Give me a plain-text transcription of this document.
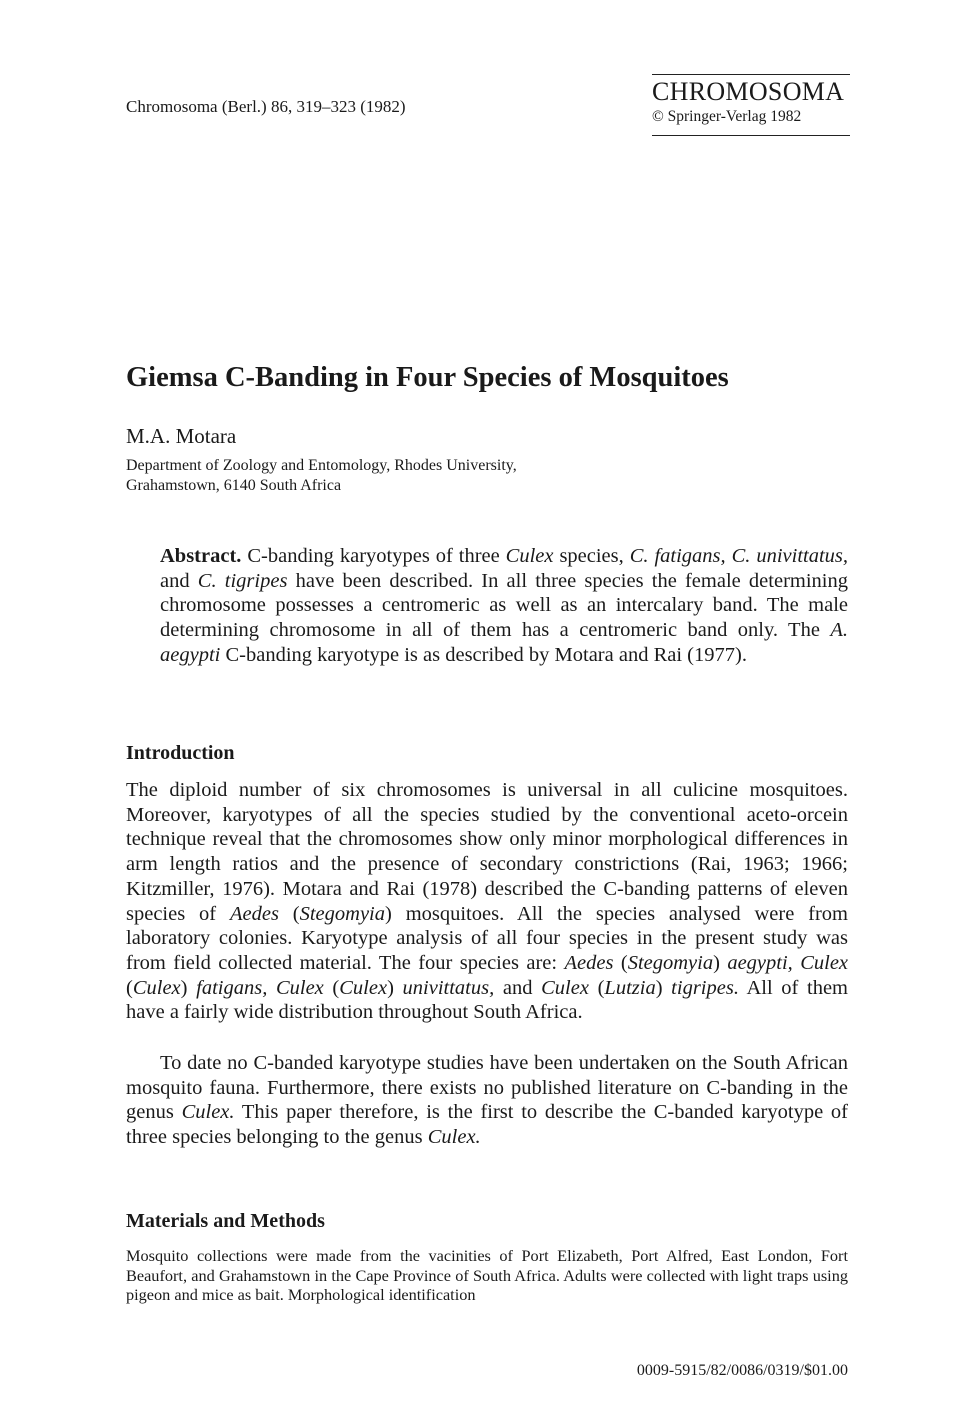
Chromosoma (Berl.) 86, 319–323 (1982)
CHROMOSOMA
© Springer-Verlag 1982
Giemsa C-Banding in Four Species of Mosquitoes
M.A. Motara
Department of Zoology and Entomology, Rhodes University,
Grahamstown, 6140 South Africa
Abstract. C-banding karyotypes of three Culex species, C. fatigans, C. univittatus, and C. tigripes have been described. In all three species the female determining chromosome possesses a centromeric as well as an intercalary band. The male determining chromosome in all of them has a centromeric band only. The A. aegypti C-banding karyotype is as described by Motara and Rai (1977).
Introduction
The diploid number of six chromosomes is universal in all culicine mosquitoes. Moreover, karyotypes of all the species studied by the conventional aceto-orcein technique reveal that the chromosomes show only minor morphological differences in arm length ratios and the presence of secondary constrictions (Rai, 1963; 1966; Kitzmiller, 1976). Motara and Rai (1978) described the C-banding patterns of eleven species of Aedes (Stegomyia) mosquitoes. All the species analysed were from laboratory colonies. Karyotype analysis of all four species in the present study was from field collected material. The four species are: Aedes (Stegomyia) aegypti, Culex (Culex) fatigans, Culex (Culex) univittatus, and Culex (Lutzia) tigripes. All of them have a fairly wide distribution throughout South Africa.
To date no C-banded karyotype studies have been undertaken on the South African mosquito fauna. Furthermore, there exists no published literature on C-banding in the genus Culex. This paper therefore, is the first to describe the C-banded karyotype of three species belonging to the genus Culex.
Materials and Methods
Mosquito collections were made from the vacinities of Port Elizabeth, Port Alfred, East London, Fort Beaufort, and Grahamstown in the Cape Province of South Africa. Adults were collected with light traps using pigeon and mice as bait. Morphological identification
0009-5915/82/0086/0319/$01.00
